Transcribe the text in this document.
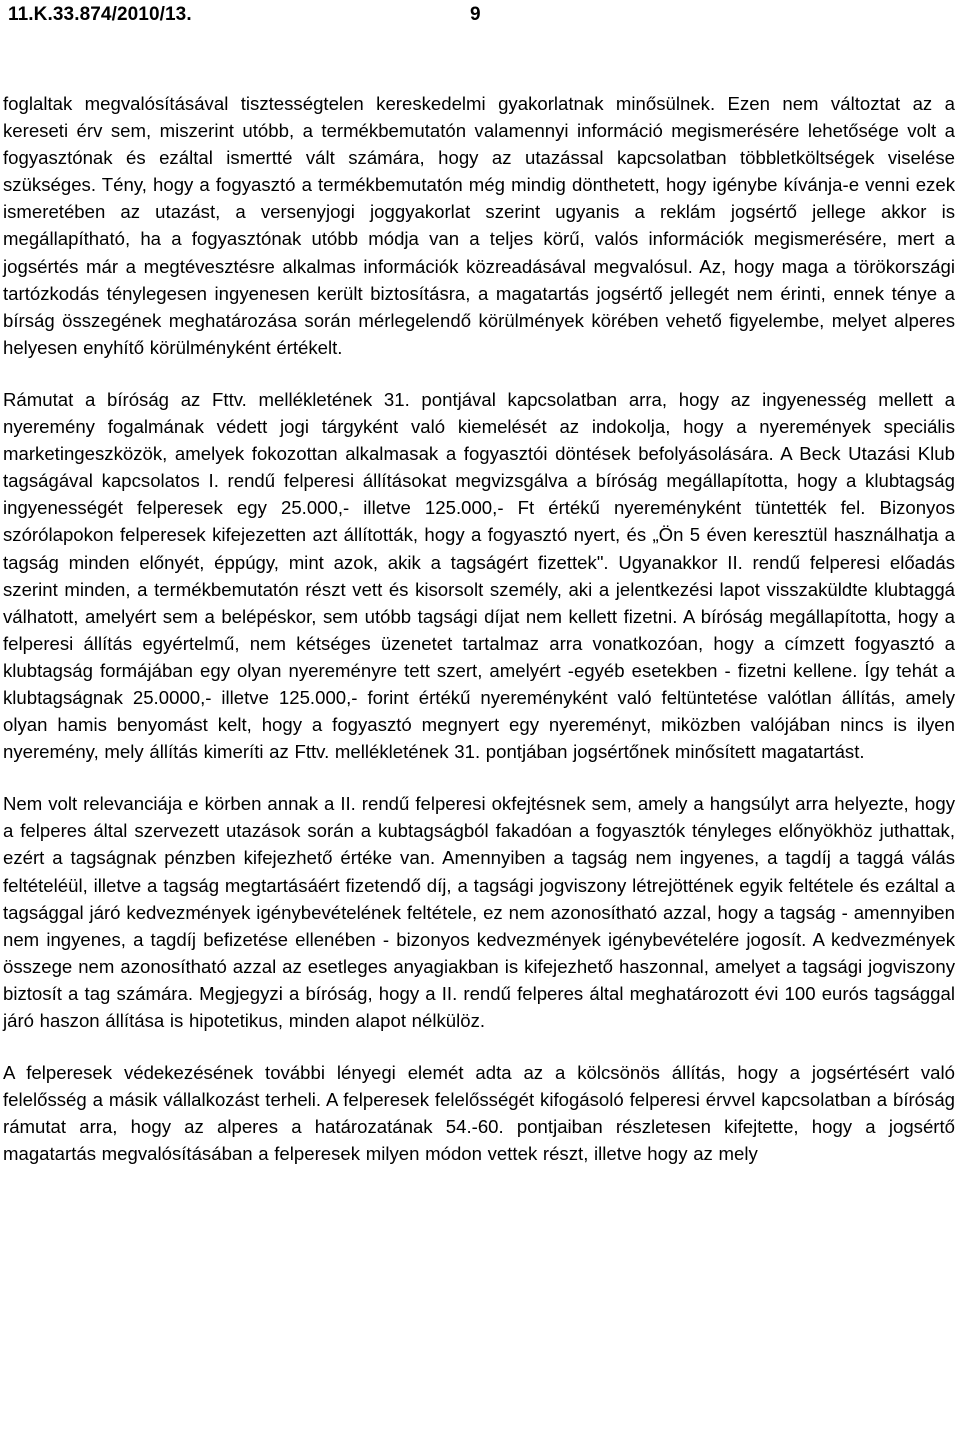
11.K.33.874/2010/13.	9

foglaltak megvalósításával tisztességtelen kereskedelmi gyakorlatnak minősülnek. Ezen nem változtat az a kereseti érv sem, miszerint utóbb, a termékbemutatón valamennyi információ megismerésére lehetősége volt a fogyasztónak és ezáltal ismertté vált számára, hogy az utazással kapcsolatban többletköltségek viselése szükséges. Tény, hogy a fogyasztó a termékbemutatón még mindig dönthetett, hogy igénybe kívánja-e venni ezek ismeretében az utazást, a versenyjogi joggyakorlat szerint ugyanis a reklám jogsértő jellege akkor is megállapítható, ha a fogyasztónak utóbb módja van a teljes körű, valós információk megismerésére, mert a jogsértés már a megtévesztésre alkalmas információk közreadásával megvalósul. Az, hogy maga a törökországi tartózkodás ténylegesen ingyenesen került biztosításra, a magatartás jogsértő jellegét nem érinti, ennek ténye a bírság összegének meghatározása során mérlegelendő körülmények körében vehető figyelembe, melyet alperes helyesen enyhítő körülményként értékelt.

Rámutat a bíróság az Fttv. mellékletének 31. pontjával kapcsolatban arra, hogy az ingyenesség mellett a nyeremény fogalmának védett jogi tárgyként való kiemelését az indokolja, hogy a nyeremények speciális marketingeszközök, amelyek fokozottan alkalmasak a fogyasztói döntések befolyásolására. A Beck Utazási Klub tagságával kapcsolatos I. rendű felperesi állításokat megvizsgálva a bíróság megállapította, hogy a klubtagság ingyenességét felperesek egy 25.000,- illetve 125.000,- Ft értékű nyereményként tüntették fel. Bizonyos szórólapokon felperesek kifejezetten azt állították, hogy a fogyasztó nyert, és „Ön 5 éven keresztül használhatja a tagság minden előnyét, éppúgy, mint azok, akik a tagságért fizettek". Ugyanakkor II. rendű felperesi előadás szerint minden, a termékbemutatón részt vett és kisorsolt személy, aki a jelentkezési lapot visszaküldte klubtaggá válhatott, amelyért sem a belépéskor, sem utóbb tagsági díjat nem kellett fizetni. A bíróság megállapította, hogy a felperesi állítás egyértelmű, nem kétséges üzenetet tartalmaz arra vonatkozóan, hogy a címzett fogyasztó a klubtagság formájában egy olyan nyereményre tett szert, amelyért -egyéb esetekben - fizetni kellene. Így tehát a klubtagságnak 25.0000,- illetve 125.000,- forint értékű nyereményként való feltüntetése valótlan állítás, amely olyan hamis benyomást kelt, hogy a fogyasztó megnyert egy nyereményt, miközben valójában nincs is ilyen nyeremény, mely állítás kimeríti az Fttv. mellékletének 31. pontjában jogsértőnek minősített magatartást.

Nem volt relevanciája e körben annak a II. rendű felperesi okfejtésnek sem, amely a hangsúlyt arra helyezte, hogy a felperes által szervezett utazások során a kubtagságból fakadóan a fogyasztók tényleges előnyökhöz juthattak, ezért a tagságnak pénzben kifejezhető értéke van. Amennyiben a tagság nem ingyenes, a tagdíj a taggá válás feltételéül, illetve a tagság megtartásáért fizetendő díj, a tagsági jogviszony létrejöttének egyik feltétele és ezáltal a tagsággal járó kedvezmények igénybevételének feltétele, ez nem azonosítható azzal, hogy a tagság - amennyiben nem ingyenes, a tagdíj befizetése ellenében - bizonyos kedvezmények igénybevételére jogosít. A kedvezmények összege nem azonosítható azzal az esetleges anyagiakban is kifejezhető haszonnal, amelyet a tagsági jogviszony biztosít a tag számára. Megjegyzi a bíróság, hogy a II. rendű felperes által meghatározott évi 100 eurós tagsággal járó haszon állítása is hipotetikus, minden alapot nélkülöz.

A felperesek védekezésének további lényegi elemét adta az a kölcsönös állítás, hogy a jogsértésért való felelősség a másik vállalkozást terheli. A felperesek felelősségét kifogásoló felperesi érvvel kapcsolatban a bíróság rámutat arra, hogy az alperes a határozatának 54.-60. pontjaiban részletesen kifejtette, hogy a jogsértő magatartás megvalósításában a felperesek milyen módon vettek részt, illetve hogy az mely
